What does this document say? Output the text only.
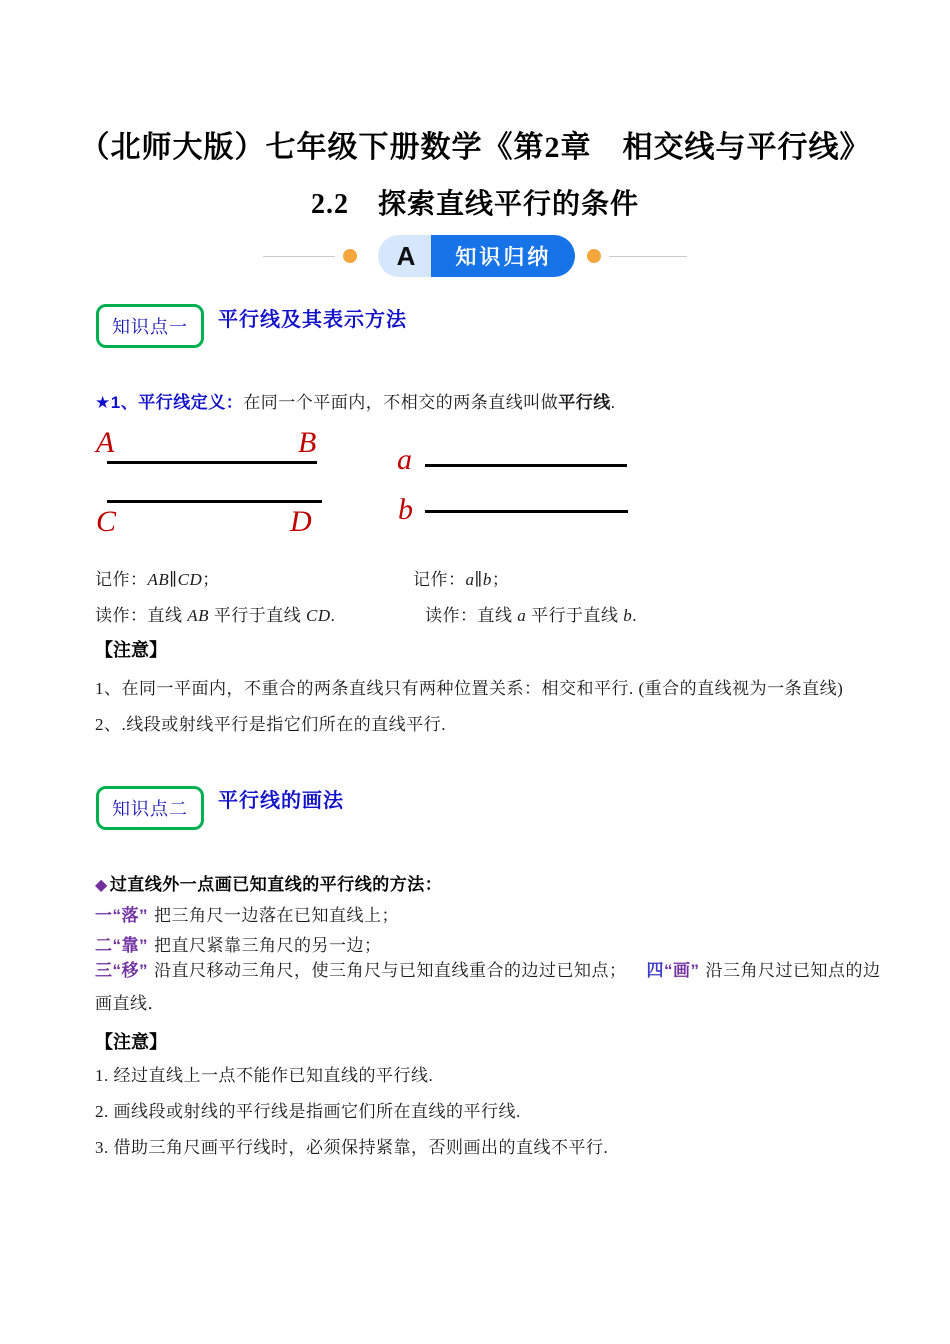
（北师大版）七年级下册数学《第2章　相交线与平行线》
2.2　探索直线平行的条件
A	知识归纳
知识点一 平行线及其表示方法
★1、平行线定义：在同一个平面内，不相交的两条直线叫做平行线.
A	B
C	D
a
b
记作：AB∥CD；	记作：a∥b；
读作：直线 AB 平行于直线 CD.	读作：直线 a 平行于直线 b.
【注意】
1、在同一平面内，不重合的两条直线只有两种位置关系：相交和平行. (重合的直线视为一条直线)
2、.线段或射线平行是指它们所在的直线平行.
知识点二 平行线的画法
◆ 过直线外一点画已知直线的平行线的方法：
一“落” 把三角尺一边落在已知直线上；
二“靠” 把直尺紧靠三角尺的另一边；
三“移” 沿直尺移动三角尺，使三角尺与已知直线重合的边过已知点； 四“画” 沿三角尺过已知点的边画直线．
【注意】
1. 经过直线上一点不能作已知直线的平行线.
2. 画线段或射线的平行线是指画它们所在直线的平行线.
3. 借助三角尺画平行线时，必须保持紧靠，否则画出的直线不平行.
